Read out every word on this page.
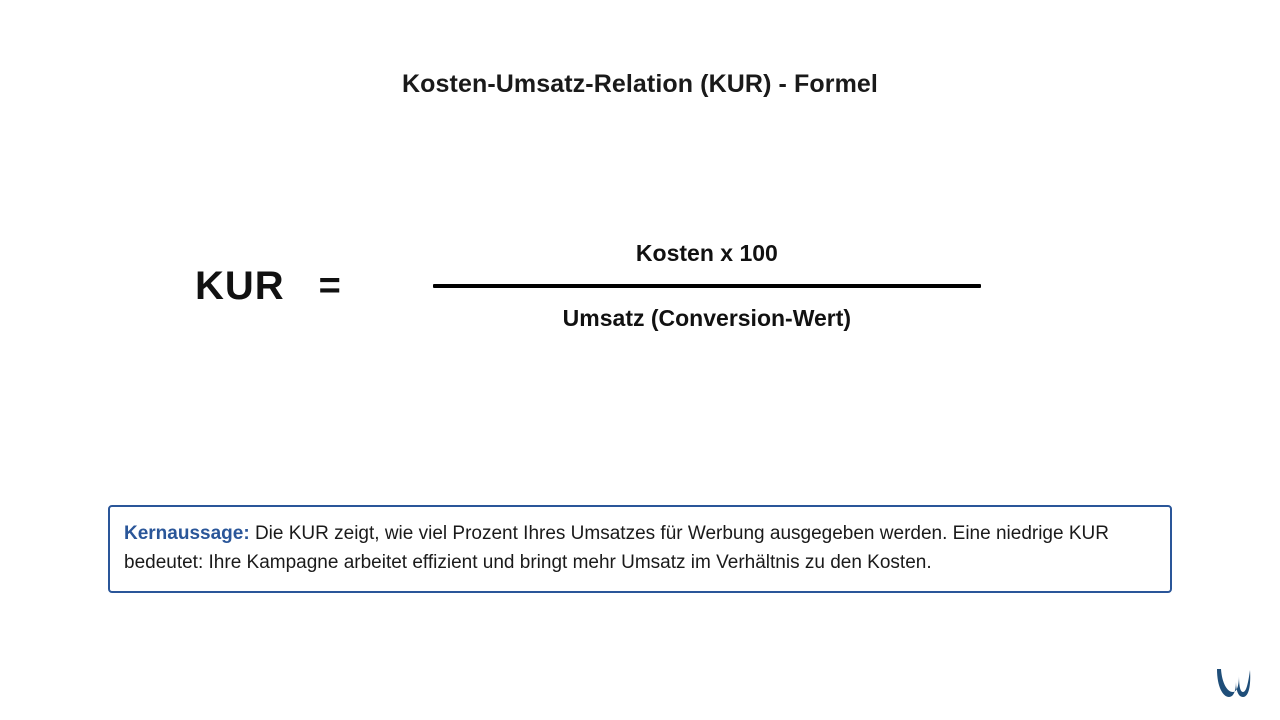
Kosten-Umsatz-Relation (KUR) - Formel
KUR =	$\frac{\text{Kosten x 100}}{\text{Umsatz (Conversion-Wert)}}$
Kernaussage: Die KUR zeigt, wie viel Prozent Ihres Umsatzes für Werbung ausgegeben werden. Eine niedrige KUR bedeutet: Ihre Kampagne arbeitet effizient und bringt mehr Umsatz im Verhältnis zu den Kosten.
